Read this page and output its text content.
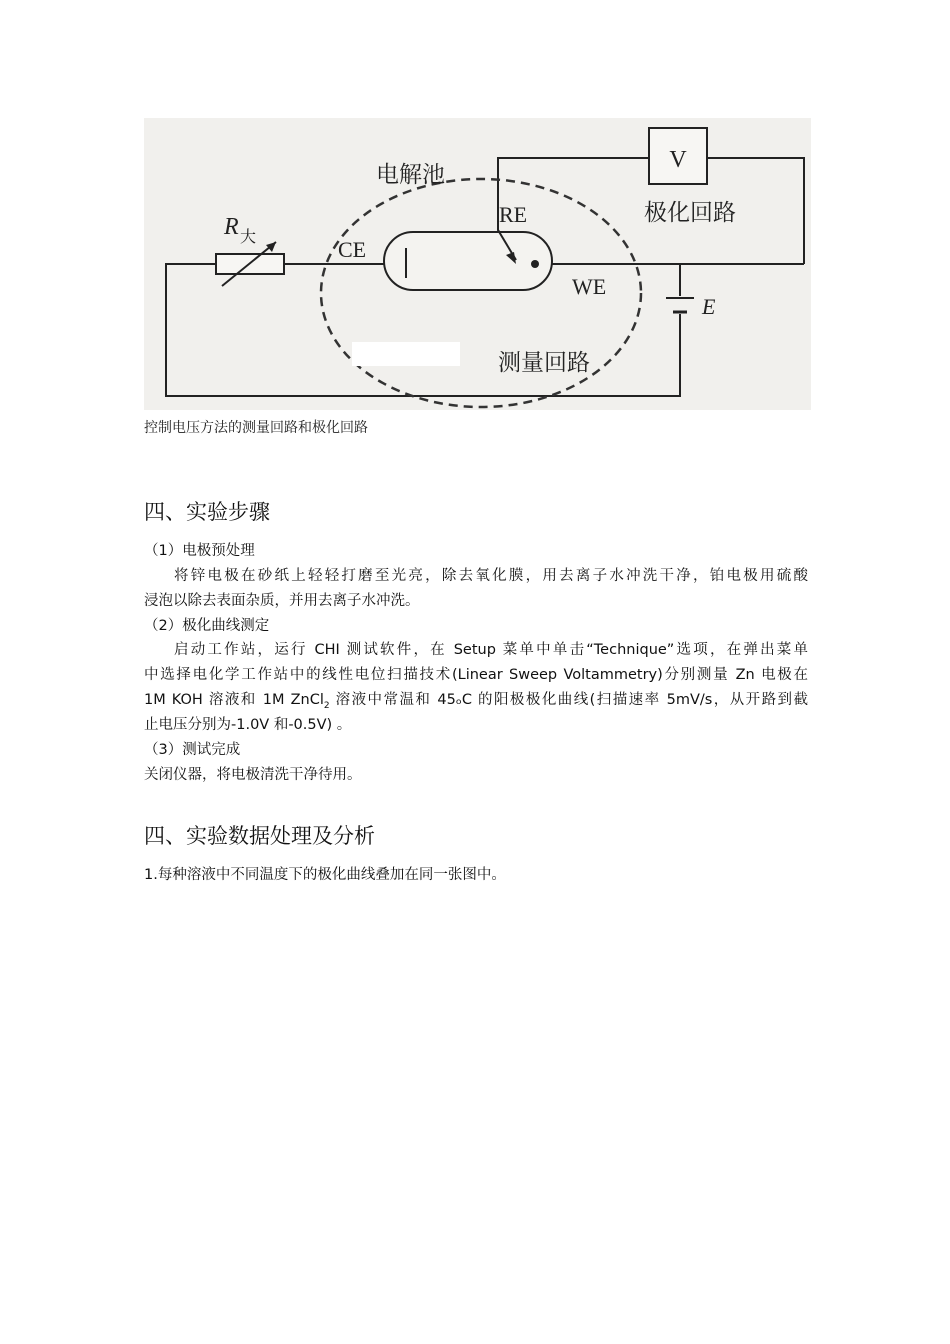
V
R 大
E
电解池
CE
RE
WE
极化回路
测量回路
控制电压方法的测量回路和极化回路
四、实验步骤

（1）电极预处理

将锌电极在砂纸上轻轻打磨至光亮，除去氧化膜，用去离子水冲洗干净，铂电极用硫酸

浸泡以除去表面杂质，并用去离子水冲洗。

（2）极化曲线测定

启动工作站，运行 CHI 测试软件，在 Setup 菜单中单击“Technique”选项，在弹出菜单

中选择电化学工作站中的线性电位扫描技术(Linear Sweep Voltammetry)分别测量 Zn 电极在

1M KOH 溶液和 1M ZnCl$_2$ 溶液中常温和 45ₒC 的阳极极化曲线(扫描速率 5mV/s，从开路到截

止电压分别为-1.0V 和-0.5V) 。

（3）测试完成

关闭仪器，将电极清洗干净待用。

四、实验数据处理及分析

1.每种溶液中不同温度下的极化曲线叠加在同一张图中。
